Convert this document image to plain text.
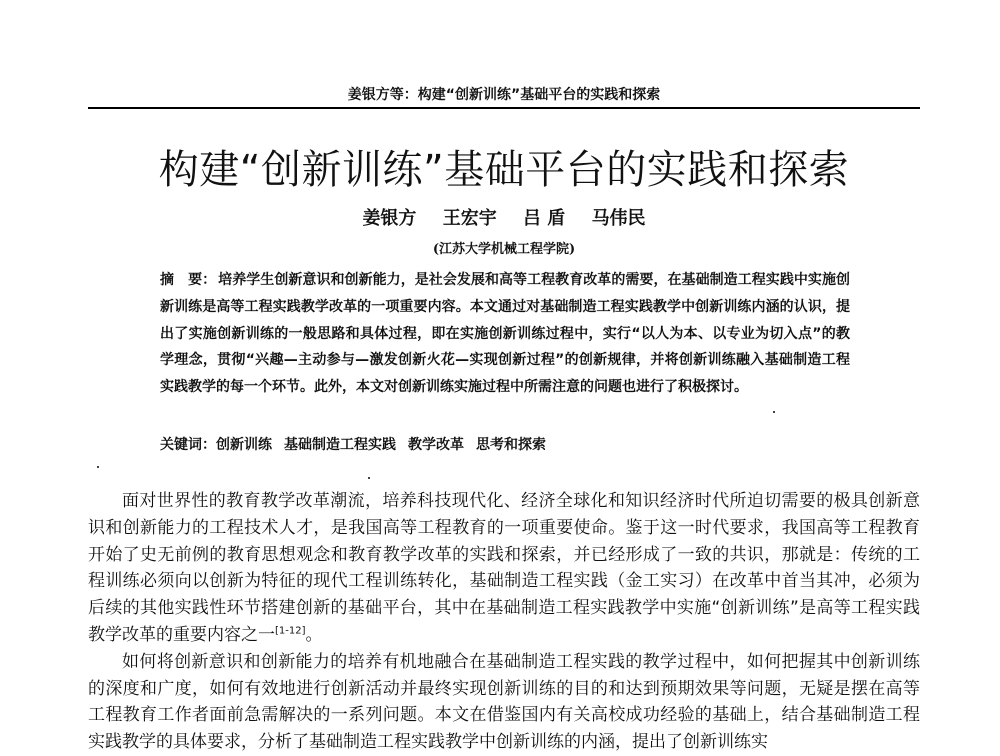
姜银方等：构建“创新训练”基础平台的实践和探索
构建“创新训练”基础平台的实践和探索
姜银方 王宏宇 吕 盾 马伟民
(江苏大学机械工程学院)
摘　要： 培养学生创新意识和创新能力，是社会发展和高等工程教育改革的需要，在基础制造工程实践中实施创新训练是高等工程实践教学改革的一项重要内容。本文通过对基础制造工程实践教学中创新训练内涵的认识，提出了实施创新训练的一般思路和具体过程，即在实施创新训练过程中，实行“以人为本、以专业为切入点”的教学理念，贯彻“兴趣—主动参与—激发创新火花—实现创新过程”的创新规律，并将创新训练融入基础制造工程实践教学的每一个环节。此外，本文对创新训练实施过程中所需注意的问题也进行了积极探讨。
关键词：创新训练 基础制造工程实践 教学改革 思考和探索

面对世界性的教育教学改革潮流，培养科技现代化、经济全球化和知识经济时代所迫切需要的极具创新意识和创新能力的工程技术人才，是我国高等工程教育的一项重要使命。鉴于这一时代要求，我国高等工程教育开始了史无前例的教育思想观念和教育教学改革的实践和探索，并已经形成了一致的共识，那就是：传统的工程训练必须向以创新为特征的现代工程训练转化，基础制造工程实践（金工实习）在改革中首当其冲，必须为后续的其他实践性环节搭建创新的基础平台，其中在基础制造工程实践教学中实施“创新训练”是高等工程实践教学改革的重要内容之一[1-12]。

如何将创新意识和创新能力的培养有机地融合在基础制造工程实践的教学过程中，如何把握其中创新训练的深度和广度，如何有效地进行创新活动并最终实现创新训练的目的和达到预期效果等问题，无疑是摆在高等工程教育工作者面前急需解决的一系列问题。本文在借鉴国内有关高校成功经验的基础上，结合基础制造工程实践教学的具体要求，分析了基础制造工程实践教学中创新训练的内涵，提出了创新训练实
